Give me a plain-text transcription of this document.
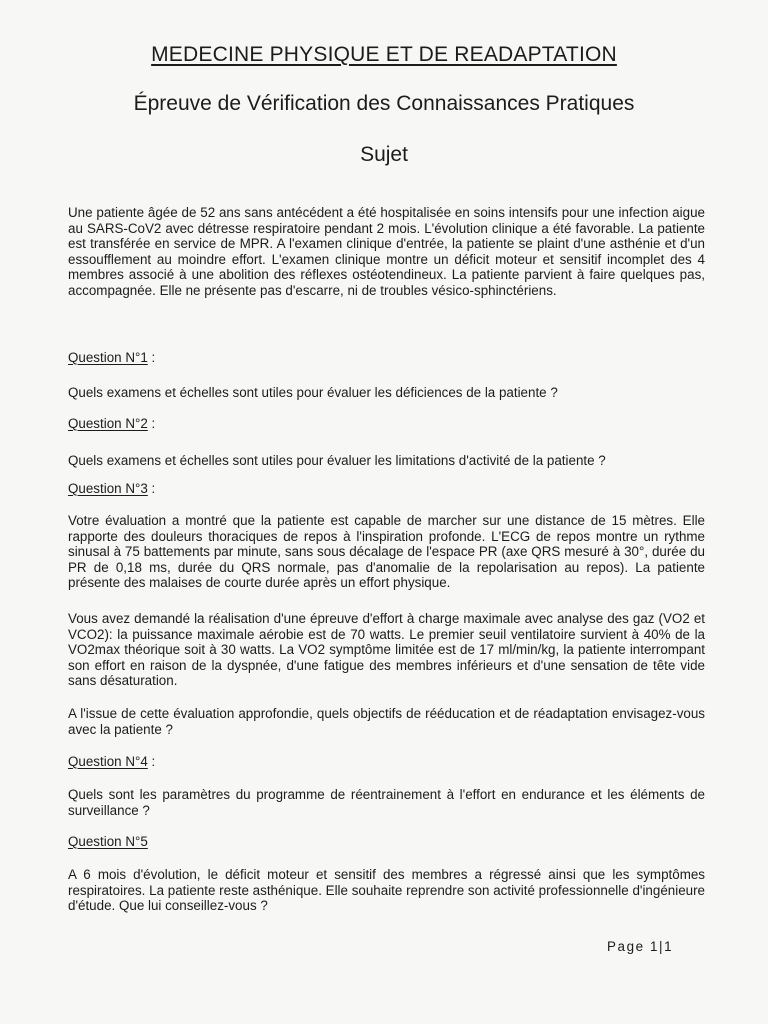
MEDECINE PHYSIQUE ET DE READAPTATION
Épreuve de Vérification des Connaissances Pratiques
Sujet

Une patiente âgée de 52 ans sans antécédent a été hospitalisée en soins intensifs pour une infection aigue au SARS-CoV2 avec détresse respiratoire pendant 2 mois. L'évolution clinique a été favorable. La patiente est transférée en service de MPR. A l'examen clinique d'entrée, la patiente se plaint d'une asthénie et d'un essoufflement au moindre effort. L'examen clinique montre un déficit moteur et sensitif incomplet des 4 membres associé à une abolition des réflexes ostéotendineux. La patiente parvient à faire quelques pas, accompagnée. Elle ne présente pas d'escarre, ni de troubles vésico-sphinctériens.

Question N°1 :

Quels examens et échelles sont utiles pour évaluer les déficiences de la patiente ?

Question N°2 :

Quels examens et échelles sont utiles pour évaluer les limitations d'activité de la patiente ?

Question N°3 :

Votre évaluation a montré que la patiente est capable de marcher sur une distance de 15 mètres. Elle rapporte des douleurs thoraciques de repos à l'inspiration profonde. L'ECG de repos montre un rythme sinusal à 75 battements par minute, sans sous décalage de l'espace PR (axe QRS mesuré à 30°, durée du PR de 0,18 ms, durée du QRS normale, pas d'anomalie de la repolarisation au repos). La patiente présente des malaises de courte durée après un effort physique.

Vous avez demandé la réalisation d'une épreuve d'effort à charge maximale avec analyse des gaz (VO2 et VCO2): la puissance maximale aérobie est de 70 watts. Le premier seuil ventilatoire survient à 40% de la VO2max théorique soit à 30 watts. La VO2 symptôme limitée est de 17 ml/min/kg, la patiente interrompant son effort en raison de la dyspnée, d'une fatigue des membres inférieurs et d'une sensation de tête vide sans désaturation.

A l'issue de cette évaluation approfondie, quels objectifs de rééducation et de réadaptation envisagez-vous avec la patiente ?

Question N°4 :

Quels sont les paramètres du programme de réentrainement à l'effort en endurance et les éléments de surveillance ?

Question N°5

A 6 mois d'évolution, le déficit moteur et sensitif des membres a régressé ainsi que les symptômes respiratoires. La patiente reste asthénique. Elle souhaite reprendre son activité professionnelle d'ingénieure d'étude. Que lui conseillez-vous ?

Page 1|1
